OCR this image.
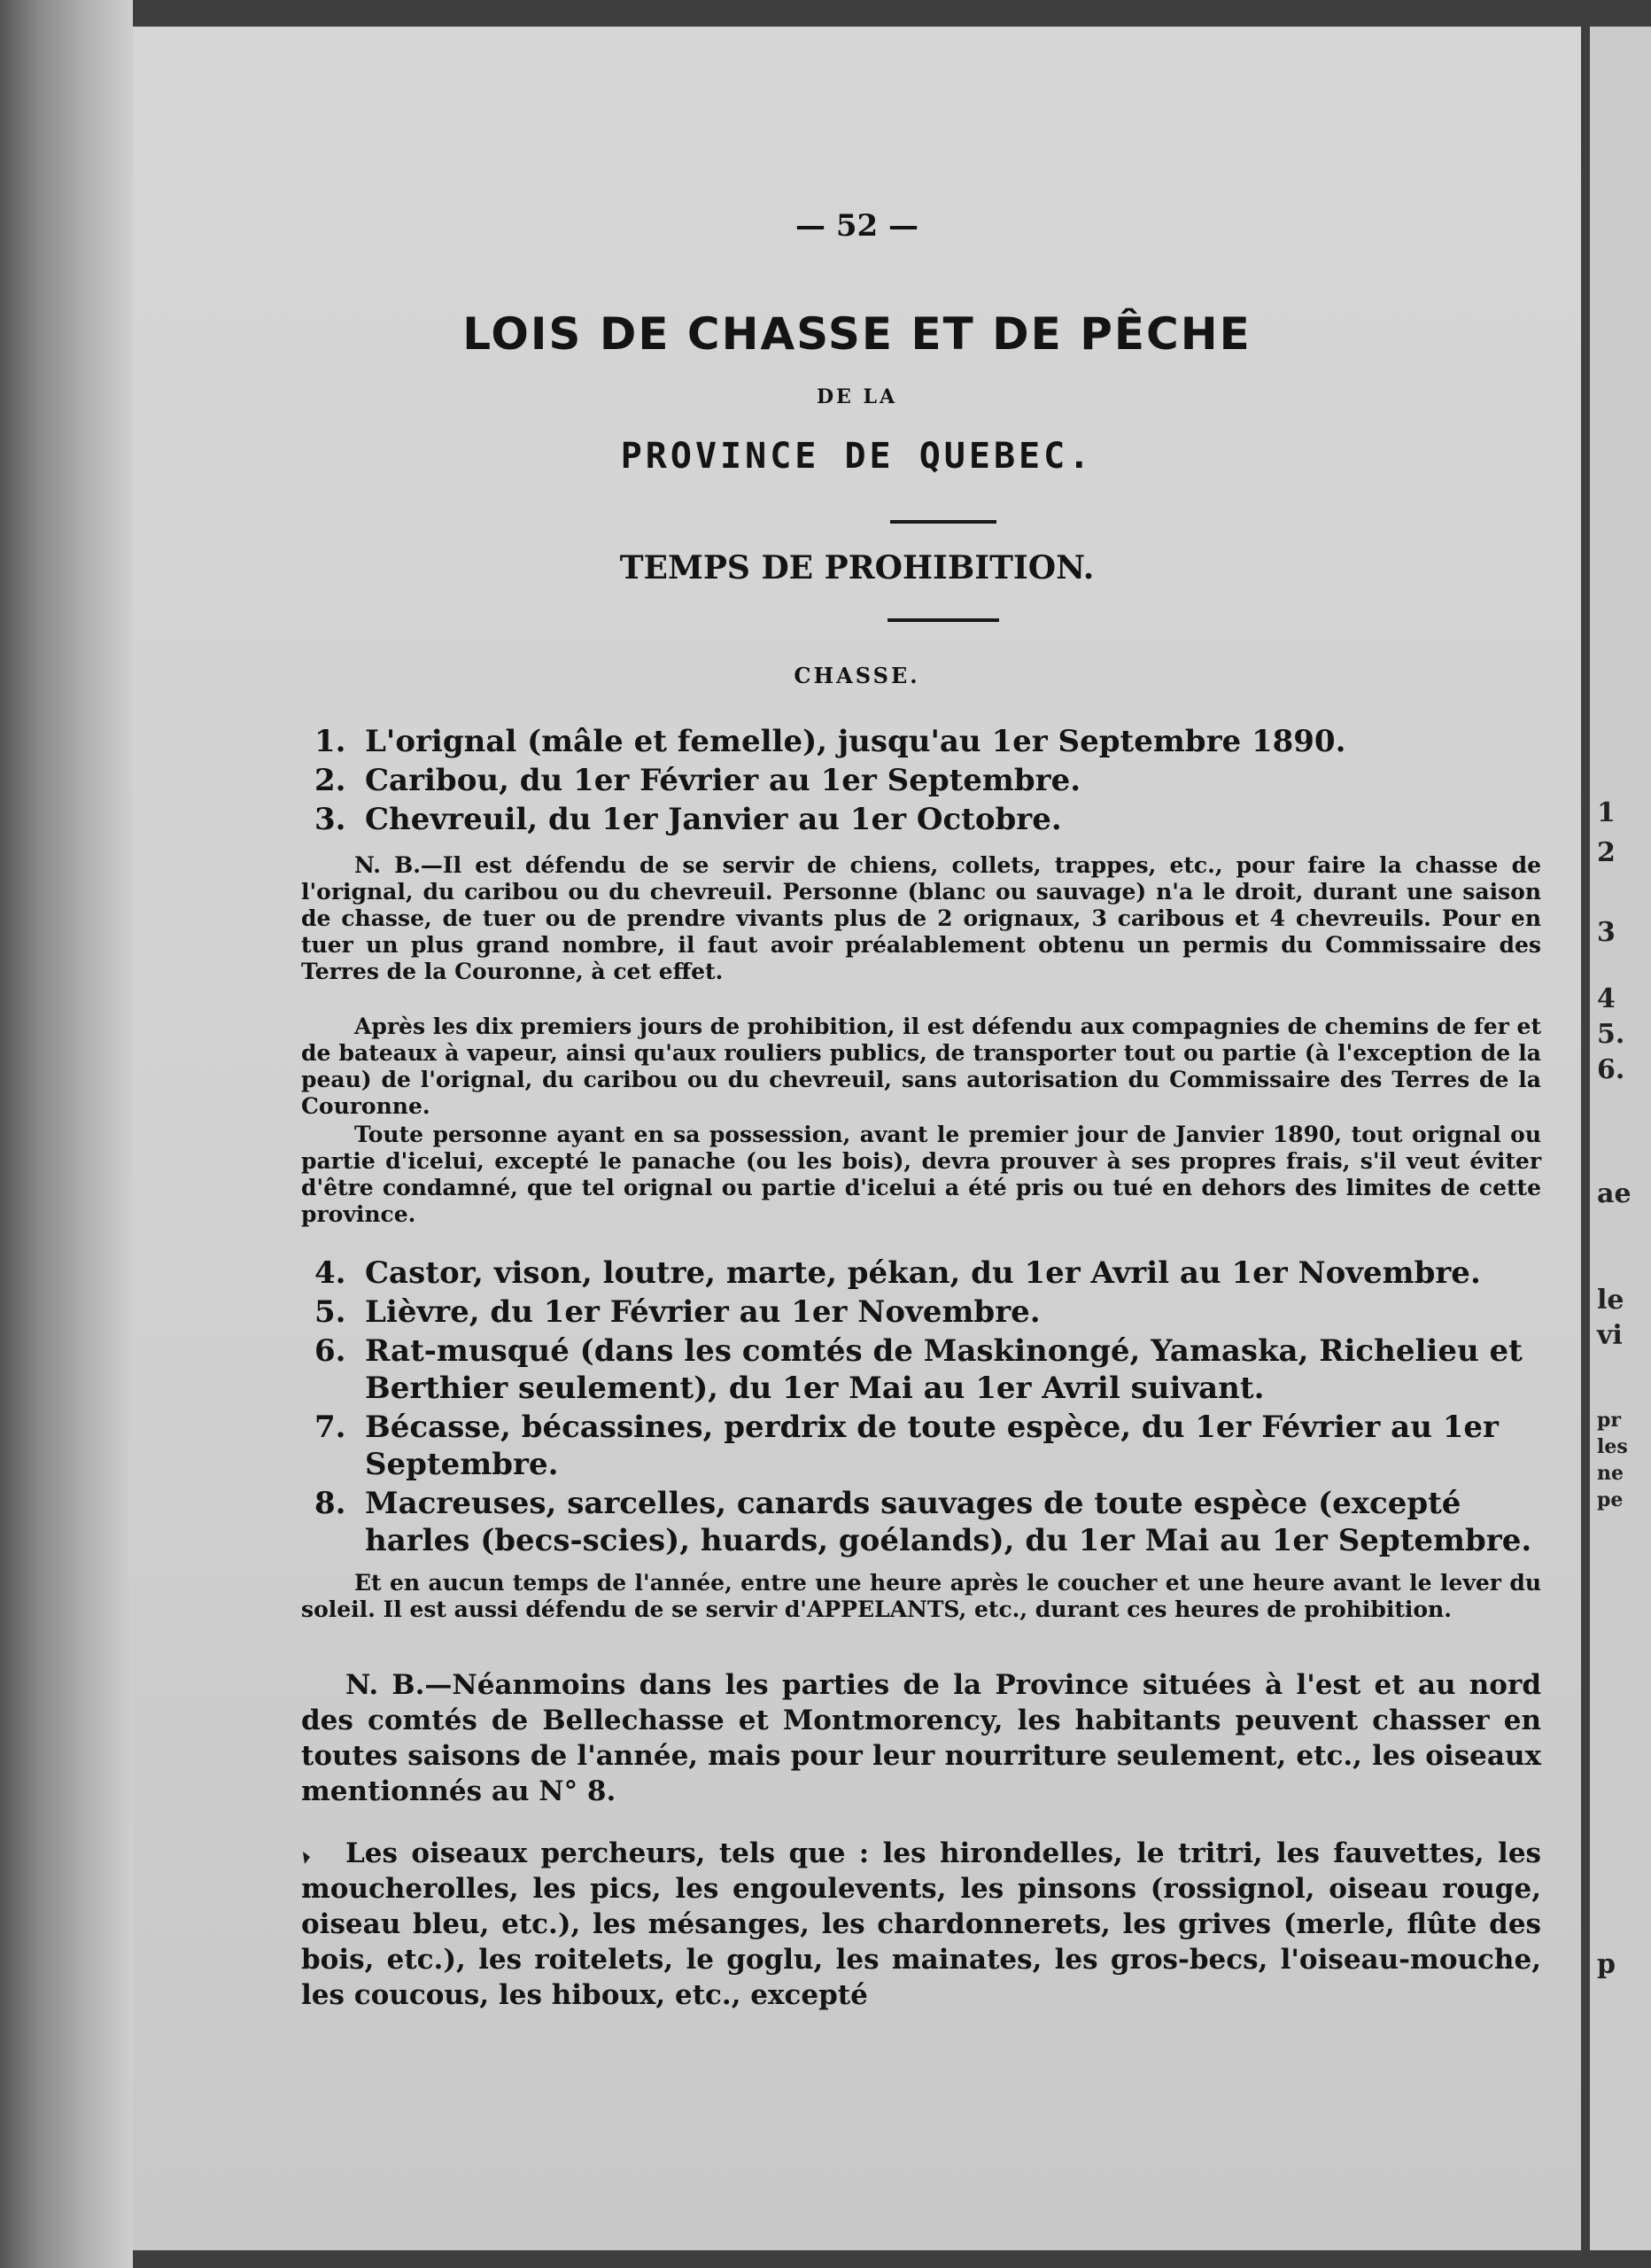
— 52 —
LOIS DE CHASSE ET DE PÊCHE
DE LA
PROVINCE DE QUEBEC.
TEMPS DE PROHIBITION.
CHASSE.
1. L'orignal (mâle et femelle), jusqu'au 1er Septembre 1890.
2. Caribou, du 1er Février au 1er Septembre.
3. Chevreuil, du 1er Janvier au 1er Octobre.
N. B.—Il est défendu de se servir de chiens, collets, trappes, etc., pour faire la chasse de l'orignal, du caribou ou du chevreuil. Personne (blanc ou sauvage) n'a le droit, durant une saison de chasse, de tuer ou de prendre vivants plus de 2 orignaux, 3 caribous et 4 chevreuils. Pour en tuer un plus grand nombre, il faut avoir préalablement obtenu un permis du Commissaire des Terres de la Couronne, à cet effet.
Après les dix premiers jours de prohibition, il est défendu aux compagnies de chemins de fer et de bateaux à vapeur, ainsi qu'aux rouliers publics, de transporter tout ou partie (à l'exception de la peau) de l'orignal, du caribou ou du chevreuil, sans autorisation du Commissaire des Terres de la Couronne.
Toute personne ayant en sa possession, avant le premier jour de Janvier 1890, tout orignal ou partie d'icelui, excepté le panache (ou les bois), devra prouver à ses propres frais, s'il veut éviter d'être condamné, que tel orignal ou partie d'icelui a été pris ou tué en dehors des limites de cette province.
4. Castor, vison, loutre, marte, pékan, du 1er Avril au 1er Novembre.
5. Lièvre, du 1er Février au 1er Novembre.
6. Rat-musqué (dans les comtés de Maskinongé, Yamaska, Richelieu et Berthier seulement), du 1er Mai au 1er Avril suivant.
7. Bécasse, bécassines, perdrix de toute espèce, du 1er Février au 1er Septembre.
8. Macreuses, sarcelles, canards sauvages de toute espèce (excepté harles (becs-scies), huards, goélands), du 1er Mai au 1er Septembre.
Et en aucun temps de l'année, entre une heure après le coucher et une heure avant le lever du soleil. Il est aussi défendu de se servir d'APPELANTS, etc., durant ces heures de prohibition.
N. B.—Néanmoins dans les parties de la Province situées à l'est et au nord des comtés de Bellechasse et Montmorency, les habitants peuvent chasser en toutes saisons de l'année, mais pour leur nourriture seulement, etc., les oiseaux mentionnés au N° 8.
Les oiseaux percheurs, tels que : les hirondelles, le tritri, les fauvettes, les moucherolles, les pics, les engoulevents, les pinsons (rossignol, oiseau rouge, oiseau bleu, etc.), les mésanges, les chardonnerets, les grives (merle, flûte des bois, etc.), les roitelets, le goglu, les mainates, les gros-becs, l'oiseau-mouche, les coucous, les hiboux, etc., excepté
1
2
3
4
5.
6.
ae
le
vi
pr
les
ne
pe
p
